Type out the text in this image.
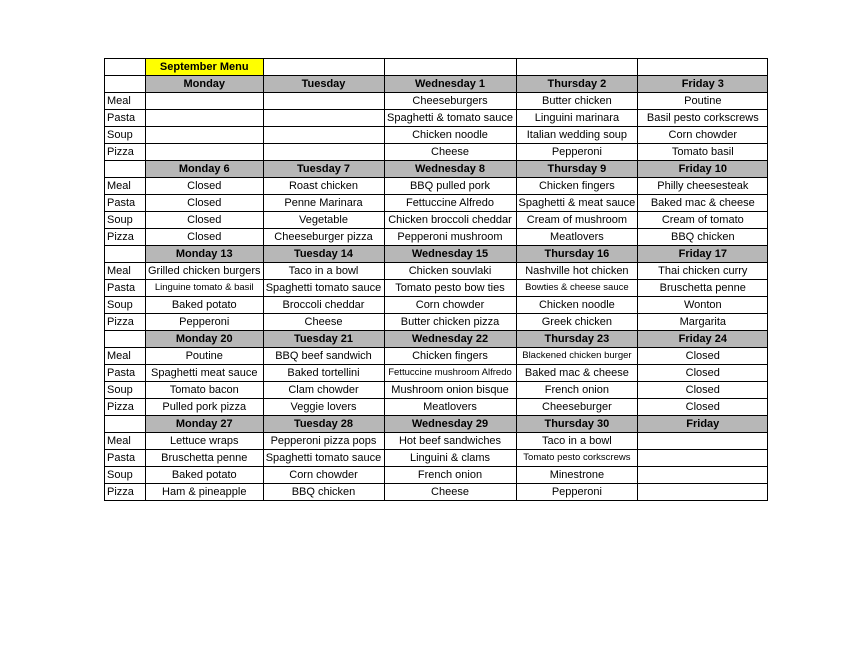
	September Menu				
	Monday	Tuesday	Wednesday 1	Thursday 2	Friday 3
Meal			Cheeseburgers	Butter chicken	Poutine
Pasta			Spaghetti & tomato sauce	Linguini marinara	Basil pesto corkscrews
Soup			Chicken noodle	Italian wedding soup	Corn chowder
Pizza			Cheese	Pepperoni	Tomato basil
	Monday 6	Tuesday 7	Wednesday 8	Thursday 9	Friday 10
Meal	Closed	Roast chicken	BBQ pulled pork	Chicken fingers	Philly cheesesteak
Pasta	Closed	Penne Marinara	Fettuccine Alfredo	Spaghetti & meat sauce	Baked mac & cheese
Soup	Closed	Vegetable	Chicken broccoli cheddar	Cream of mushroom	Cream of tomato
Pizza	Closed	Cheeseburger pizza	Pepperoni mushroom	Meatlovers	BBQ chicken
	Monday 13	Tuesday 14	Wednesday 15	Thursday 16	Friday 17
Meal	Grilled chicken burgers	Taco in a bowl	Chicken souvlaki	Nashville hot chicken	Thai chicken curry
Pasta	Linguine tomato & basil	Spaghetti tomato sauce	Tomato pesto bow ties	Bowties & cheese sauce	Bruschetta penne
Soup	Baked potato	Broccoli cheddar	Corn chowder	Chicken noodle	Wonton
Pizza	Pepperoni	Cheese	Butter chicken pizza	Greek chicken	Margarita
	Monday 20	Tuesday 21	Wednesday 22	Thursday 23	Friday 24
Meal	Poutine	BBQ beef sandwich	Chicken fingers	Blackened chicken burger	Closed
Pasta	Spaghetti meat sauce	Baked tortellini	Fettuccine mushroom Alfredo	Baked mac & cheese	Closed
Soup	Tomato bacon	Clam chowder	Mushroom onion bisque	French onion	Closed
Pizza	Pulled pork pizza	Veggie lovers	Meatlovers	Cheeseburger	Closed
	Monday 27	Tuesday 28	Wednesday 29	Thursday 30	Friday
Meal	Lettuce wraps	Pepperoni pizza pops	Hot beef sandwiches	Taco in a bowl	
Pasta	Bruschetta penne	Spaghetti tomato sauce	Linguini & clams	Tomato pesto corkscrews	
Soup	Baked potato	Corn chowder	French onion	Minestrone	
Pizza	Ham & pineapple	BBQ chicken	Cheese	Pepperoni	
